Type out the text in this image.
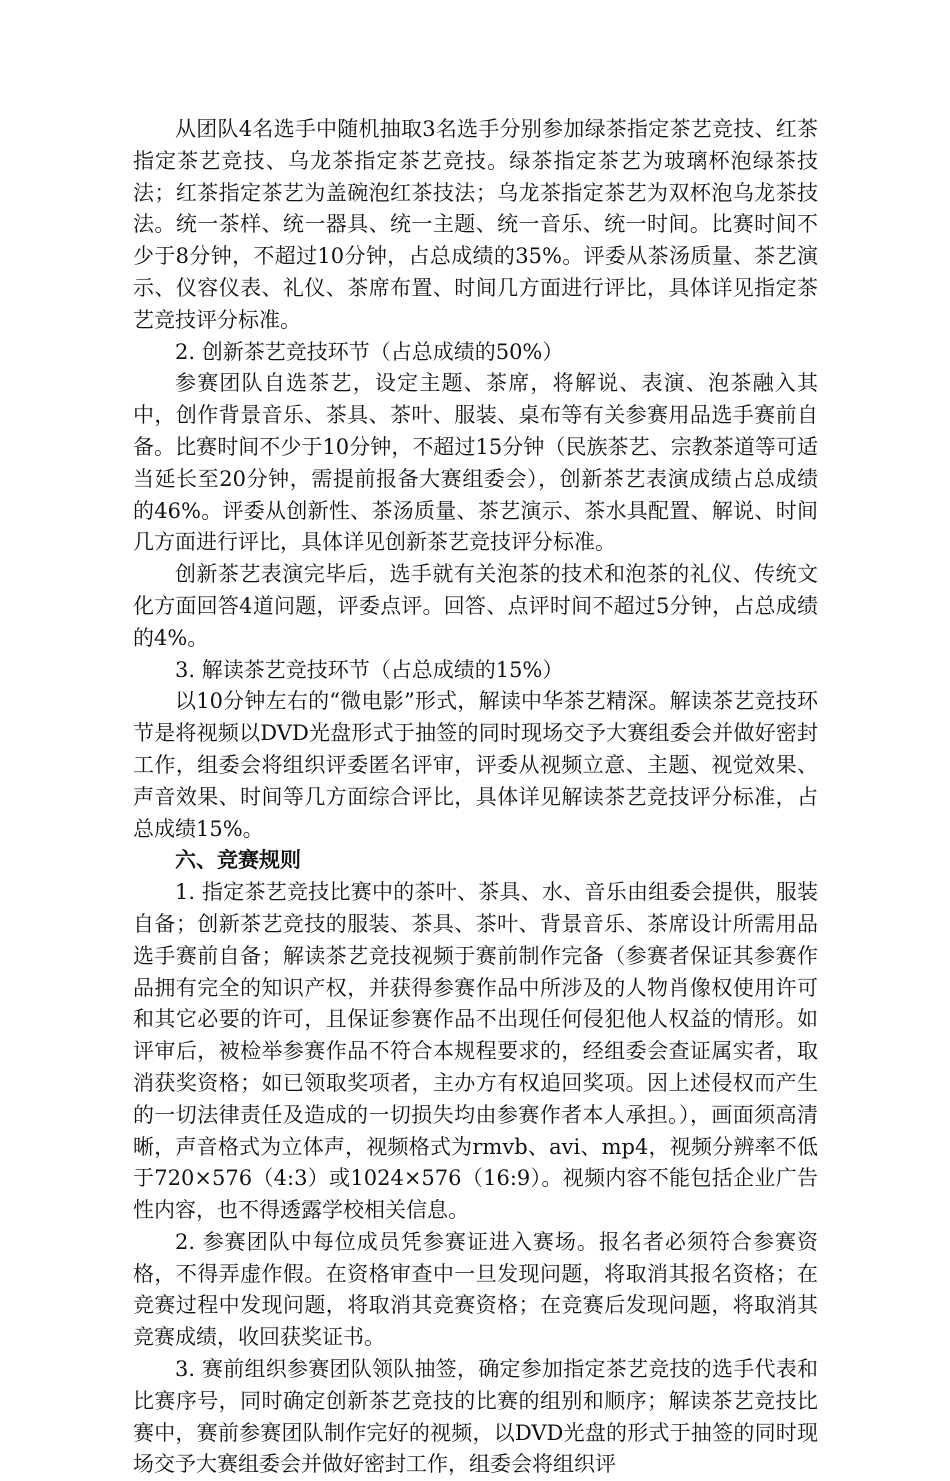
从团队4名选手中随机抽取3名选手分别参加绿茶指定茶艺竞技、红茶指定茶艺竞技、乌龙茶指定茶艺竞技。绿茶指定茶艺为玻璃杯泡绿茶技法；红茶指定茶艺为盖碗泡红茶技法；乌龙茶指定茶艺为双杯泡乌龙茶技法。统一茶样、统一器具、统一主题、统一音乐、统一时间。比赛时间不少于8分钟，不超过10分钟，占总成绩的35%。评委从茶汤质量、茶艺演示、仪容仪表、礼仪、茶席布置、时间几方面进行评比，具体详见指定茶艺竞技评分标准。

2. 创新茶艺竞技环节（占总成绩的50%）

参赛团队自选茶艺，设定主题、茶席，将解说、表演、泡茶融入其中，创作背景音乐、茶具、茶叶、服装、桌布等有关参赛用品选手赛前自备。比赛时间不少于10分钟，不超过15分钟（民族茶艺、宗教茶道等可适当延长至20分钟，需提前报备大赛组委会），创新茶艺表演成绩占总成绩的46%。评委从创新性、茶汤质量、茶艺演示、茶水具配置、解说、时间几方面进行评比，具体详见创新茶艺竞技评分标准。

创新茶艺表演完毕后，选手就有关泡茶的技术和泡茶的礼仪、传统文化方面回答4道问题，评委点评。回答、点评时间不超过5分钟，占总成绩的4%。

3. 解读茶艺竞技环节（占总成绩的15%）

以10分钟左右的“微电影”形式，解读中华茶艺精深。解读茶艺竞技环节是将视频以DVD光盘形式于抽签的同时现场交予大赛组委会并做好密封工作，组委会将组织评委匿名评审，评委从视频立意、主题、视觉效果、声音效果、时间等几方面综合评比，具体详见解读茶艺竞技评分标准，占总成绩15%。

六、竞赛规则

1. 指定茶艺竞技比赛中的茶叶、茶具、水、音乐由组委会提供，服装自备；创新茶艺竞技的服装、茶具、茶叶、背景音乐、茶席设计所需用品选手赛前自备；解读茶艺竞技视频于赛前制作完备（参赛者保证其参赛作品拥有完全的知识产权，并获得参赛作品中所涉及的人物肖像权使用许可和其它必要的许可，且保证参赛作品不出现任何侵犯他人权益的情形。如评审后，被检举参赛作品不符合本规程要求的，经组委会查证属实者，取消获奖资格；如已领取奖项者，主办方有权追回奖项。因上述侵权而产生的一切法律责任及造成的一切损失均由参赛作者本人承担。），画面须高清晰，声音格式为立体声，视频格式为rmvb、avi、mp4，视频分辨率不低于720×576（4:3）或1024×576（16:9）。视频内容不能包括企业广告性内容，也不得透露学校相关信息。

2. 参赛团队中每位成员凭参赛证进入赛场。报名者必须符合参赛资格，不得弄虚作假。在资格审查中一旦发现问题，将取消其报名资格；在竞赛过程中发现问题，将取消其竞赛资格；在竞赛后发现问题，将取消其竞赛成绩，收回获奖证书。

3. 赛前组织参赛团队领队抽签，确定参加指定茶艺竞技的选手代表和比赛序号，同时确定创新茶艺竞技的比赛的组别和顺序；解读茶艺竞技比赛中，赛前参赛团队制作完好的视频，以DVD光盘的形式于抽签的同时现场交予大赛组委会并做好密封工作，组委会将组织评
